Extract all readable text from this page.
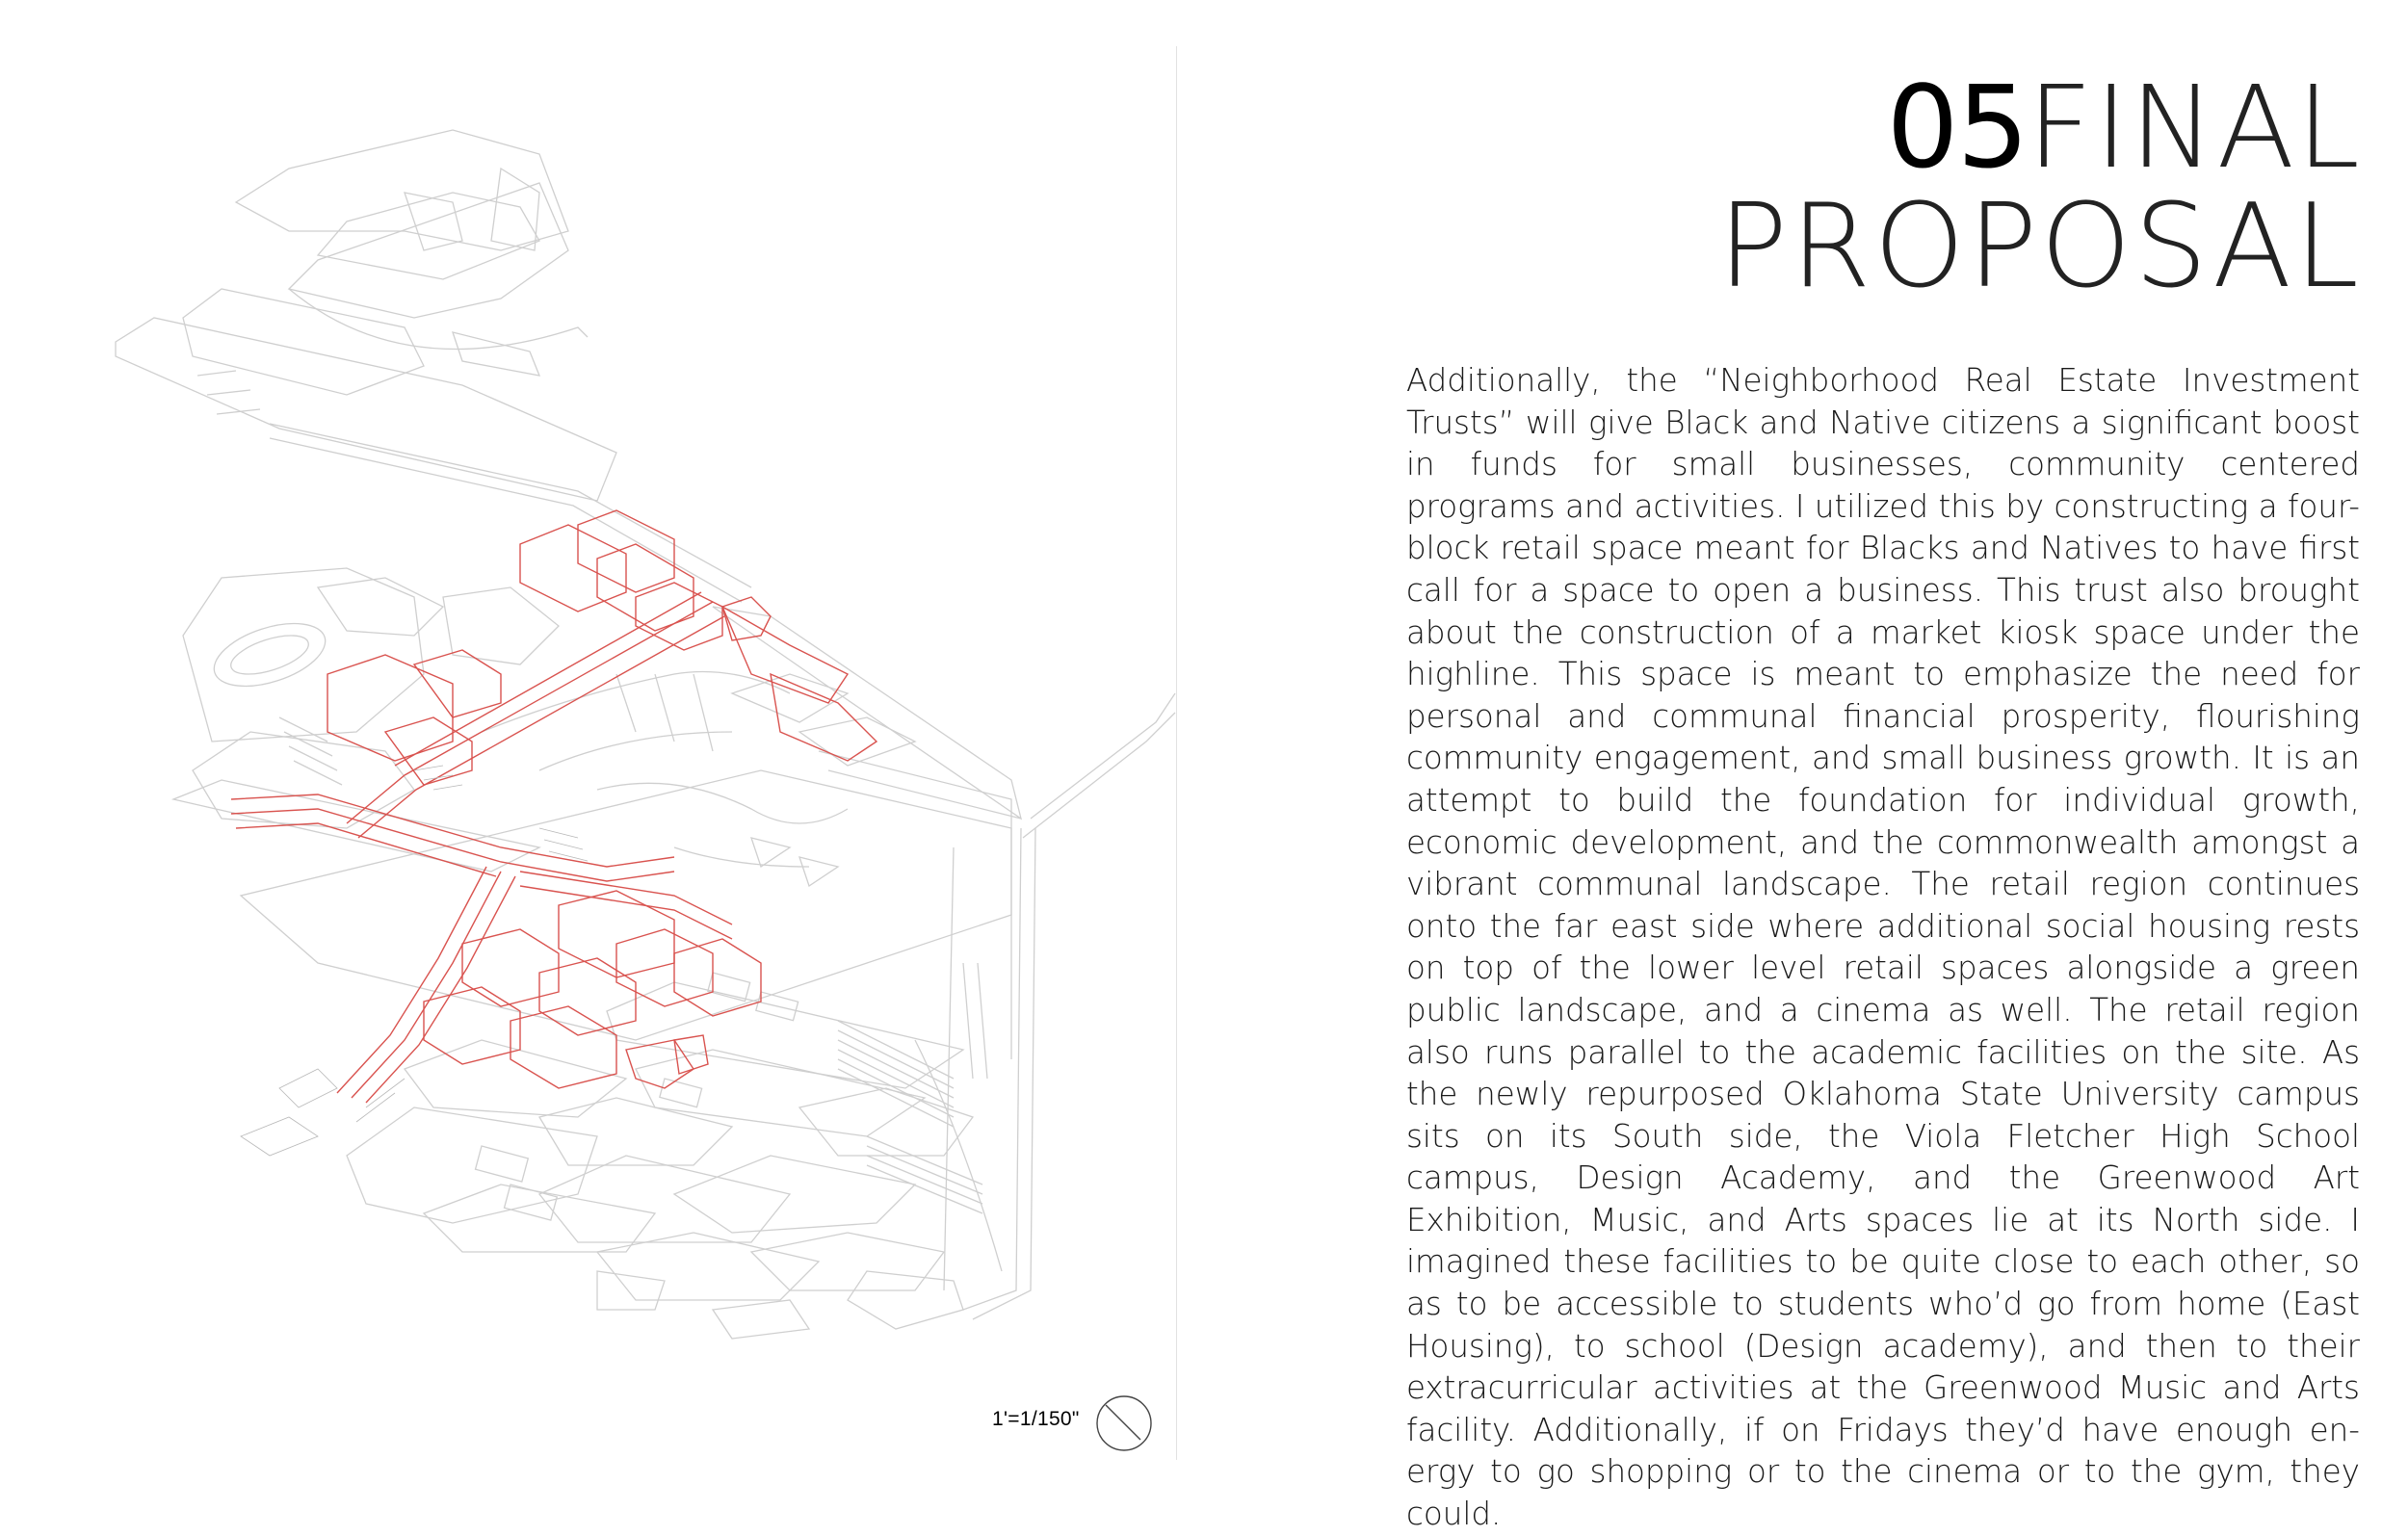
1'=1/150"
05FINAL
PROPOSAL

Additionally, the “Neighborhood Real Estate Investment Trusts” will give Black and Native citizens a significant boost in funds for small businesses, community centered programs and activities. I utilized this by constructing a four-block retail space meant for Blacks and Natives to have first call for a space to open a business. This trust also brought about the construction of a market kiosk space under the highline. This space is meant to emphasize the need for personal and communal financial prosperity, flourishing community engagement, and small business growth. It is an attempt to build the foundation for individual growth, economic development, and the commonwealth amongst a vibrant communal landscape. The retail region continues onto the far east side where additional social housing rests on top of the lower level retail spaces alongside a green public landscape, and a cinema as well. The retail region also runs parallel to the academic facilities on the site. As the newly repurposed Oklahoma State University campus sits on its South side, the Viola Fletcher High School campus, Design Academy, and the Greenwood Art Exhibition, Music, and Arts spaces lie at its North side. I imagined these facilities to be quite close to each other, so as to be accessible to students who’d go from home (East Housing), to school (Design academy), and then to their extracurricular activities at the Greenwood Music and Arts facility. Additionally, if on Fridays they’d have enough energy to go shopping or to the cinema or to the gym, they could.
